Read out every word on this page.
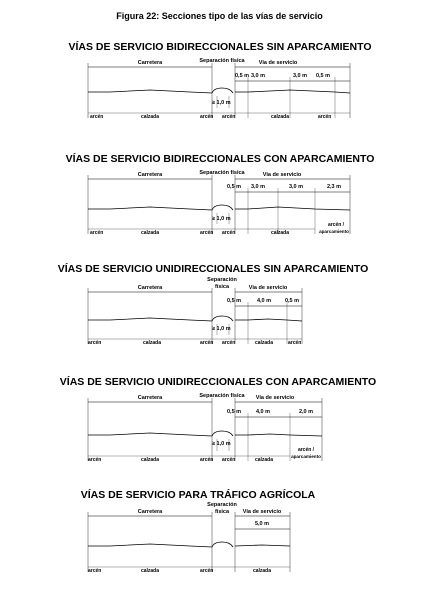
Figura 22: Secciones tipo de las vías de servicio
VÍAS DE SERVICIO BIDIRECCIONALES SIN APARCAMIENTO
Carretera	Separación física	Vía de servicio
0,5 m 3,0 m	3,0 m 0,5 m
≥ 1,0 m
arcén	calzada	arcén arcén	calzada	arcén
VÍAS DE SERVICIO BIDIRECCIONALES CON APARCAMIENTO
Carretera	Separación física	Vía de servicio
0,5 m 3,0 m	3,0 m	2,3 m
≥ 1,0 m
arcén	calzada	arcén arcén	calzada
arcén /
aparcamiento
VÍAS DE SERVICIO UNIDIRECCIONALES SIN APARCAMIENTO
Carretera
Separación
física	Vía de servicio
0,5 m	4,0 m	0,5 m
≥ 1,0 m
arcén	calzada	arcén arcén	calzada	arcén
VÍAS DE SERVICIO UNIDIRECCIONALES CON APARCAMIENTO
Carretera	Separación física Vía de servicio
0,5 m	4,0 m	2,0 m
≥ 1,0 m
arcén	calzada	arcén arcén	calzada
arcén /
aparcamiento
VÍAS DE SERVICIO PARA TRÁFICO AGRÍCOLA
Carretera
Separación
física Vía de servicio
5,0 m
arcén	calzada	arcén	calzada
